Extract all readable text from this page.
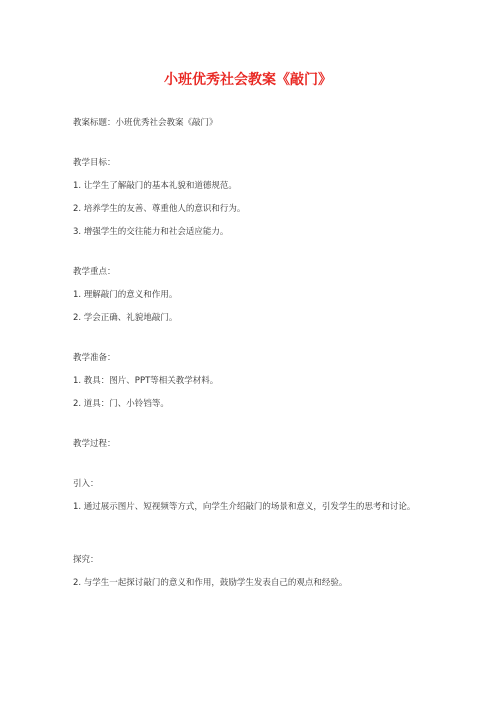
小班优秀社会教案《敲门》
教案标题：小班优秀社会教案《敲门》
教学目标：
1. 让学生了解敲门的基本礼貌和道德规范。
2. 培养学生的友善、尊重他人的意识和行为。
3. 增强学生的交往能力和社会适应能力。
教学重点：
1. 理解敲门的意义和作用。
2. 学会正确、礼貌地敲门。
教学准备：
1. 教具：图片、PPT等相关教学材料。
2. 道具：门、小铃铛等。
教学过程：
引入：
1. 通过展示图片、短视频等方式，向学生介绍敲门的场景和意义，引发学生的思考和讨论。
探究：
2. 与学生一起探讨敲门的意义和作用，鼓励学生发表自己的观点和经验。
